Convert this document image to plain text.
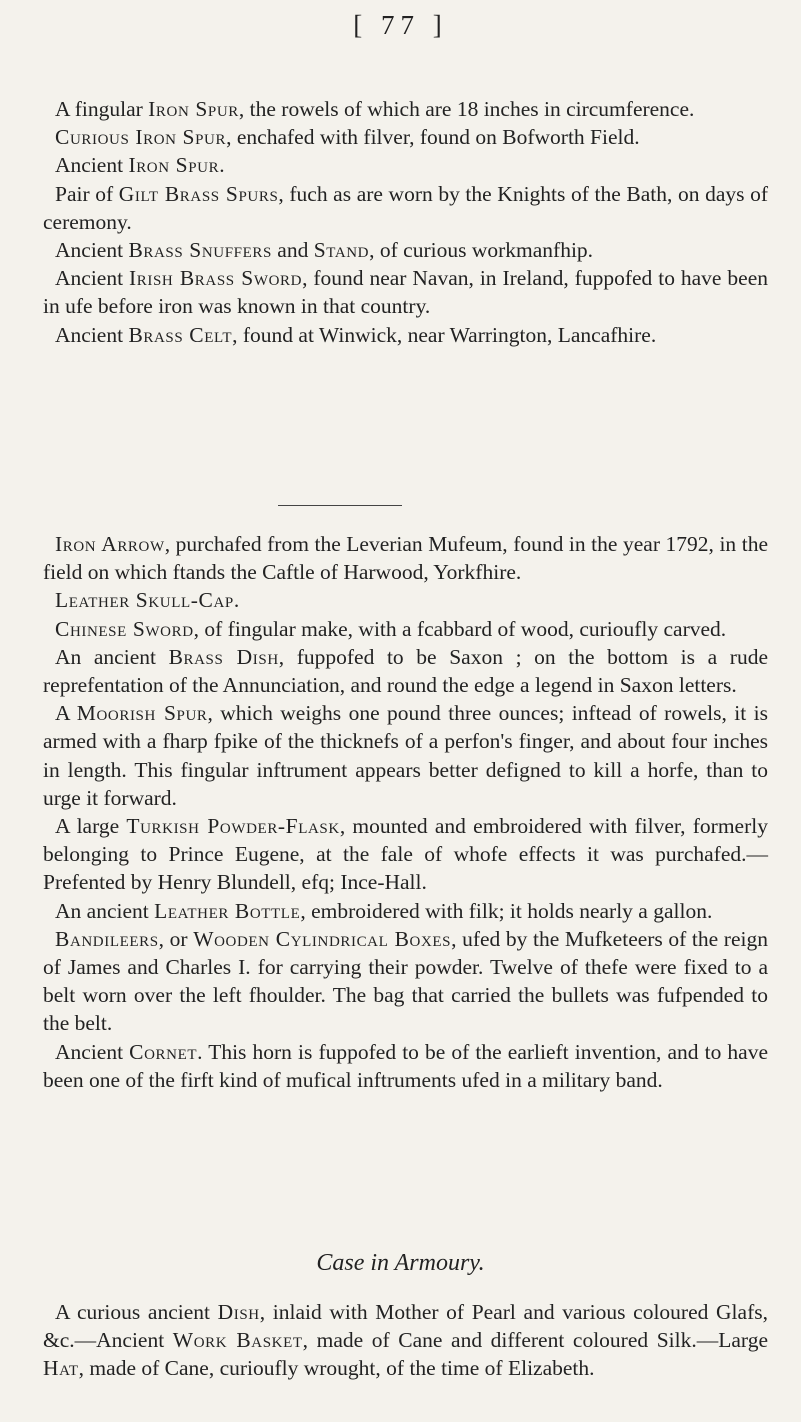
[ 77 ]

A fingular Iron Spur, the rowels of which are 18 inches in circumference.

Curious Iron Spur, enchafed with filver, found on Bofworth Field.

Ancient Iron Spur.

Pair of Gilt Brass Spurs, fuch as are worn by the Knights of the Bath, on days of ceremony.

Ancient Brass Snuffers and Stand, of curious workmanfhip.

Ancient Irish Brass Sword, found near Navan, in Ireland, fuppofed to have been in ufe before iron was known in that country.

Ancient Brass Celt, found at Winwick, near Warrington, Lancafhire.

Iron Arrow, purchafed from the Leverian Mufeum, found in the year 1792, in the field on which ftands the Caftle of Harwood, Yorkfhire.

Leather Skull-Cap.

Chinese Sword, of fingular make, with a fcabbard of wood, curioufly carved.

An ancient Brass Dish, fuppofed to be Saxon ; on the bottom is a rude reprefentation of the Annunciation, and round the edge a legend in Saxon letters.

A Moorish Spur, which weighs one pound three ounces; inftead of rowels, it is armed with a fharp fpike of the thicknefs of a perfon's finger, and about four inches in length. This fingular inftrument appears better defigned to kill a horfe, than to urge it forward.

A large Turkish Powder-Flask, mounted and embroidered with filver, formerly belonging to Prince Eugene, at the fale of whofe effects it was purchafed.—Prefented by Henry Blundell, efq; Ince-Hall.

An ancient Leather Bottle, embroidered with filk; it holds nearly a gallon.

Bandileers, or Wooden Cylindrical Boxes, ufed by the Mufketeers of the reign of James and Charles I. for carrying their powder. Twelve of thefe were fixed to a belt worn over the left fhoulder. The bag that carried the bullets was fufpended to the belt.

Ancient Cornet. This horn is fuppofed to be of the earlieft invention, and to have been one of the firft kind of mufical inftruments ufed in a military band.

Case in Armoury.

A curious ancient Dish, inlaid with Mother of Pearl and various coloured Glafs, &c.—Ancient Work Basket, made of Cane and different coloured Silk.—Large Hat, made of Cane, curioufly wrought, of the time of Elizabeth.
